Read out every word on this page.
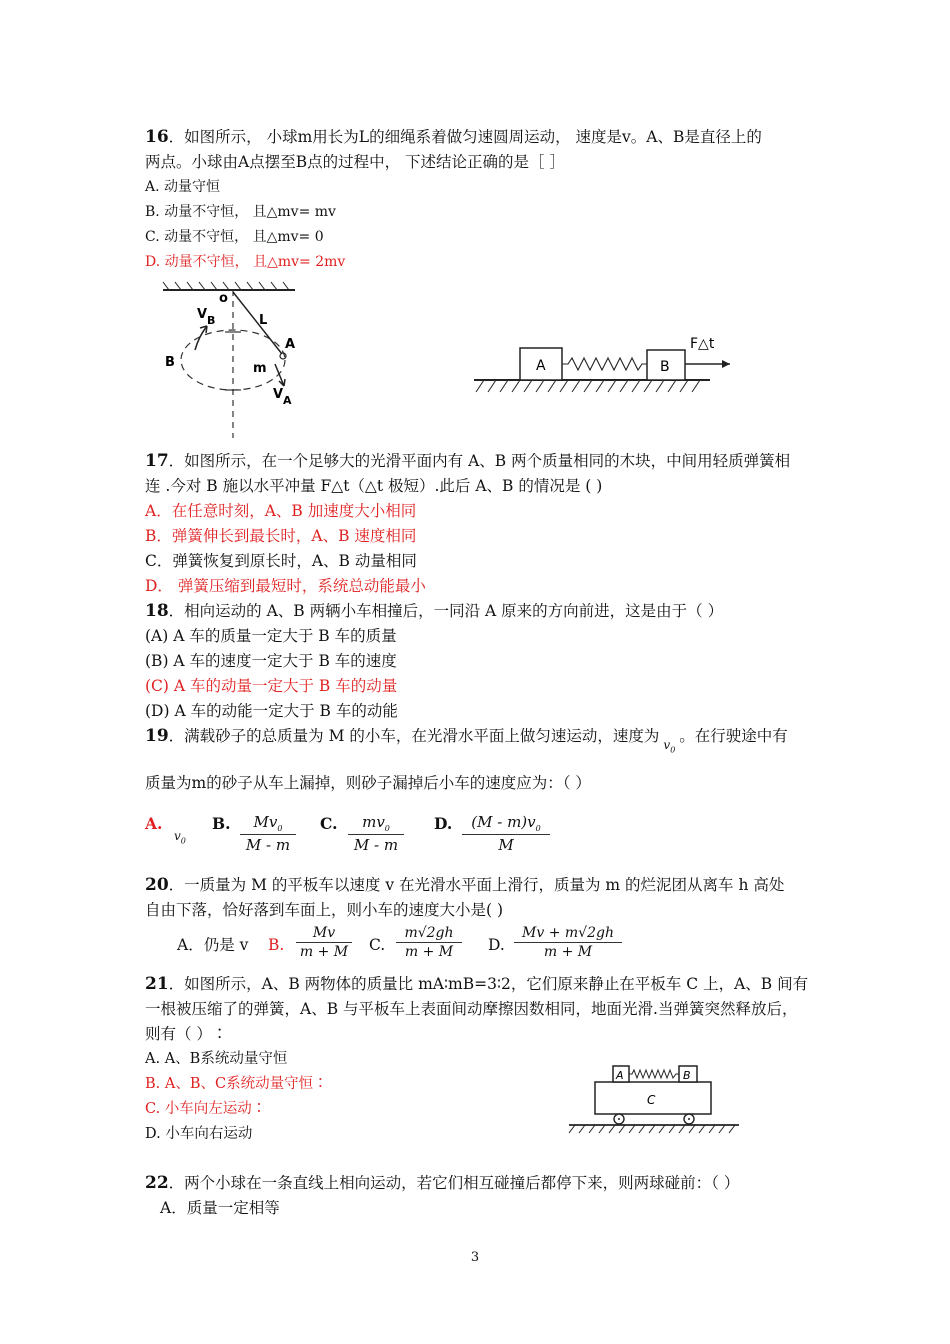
16．如图所示， 小球m用长为L的细绳系着做匀速圆周运动， 速度是v。A、B是直径上的
两点。小球由A点摆至B点的过程中， 下述结论正确的是［ ］
A. 动量守恒
B. 动量不守恒， 且△mv= mv
C. 动量不守恒， 且△mv= 0
D. 动量不守恒， 且△mv= 2mv
o
V B	L
A
B	m
V A
A	B
F△t
17．如图所示，在一个足够大的光滑平面内有 A、B 两个质量相同的木块，中间用轻质弹簧相
连 .今对 B 施以水平冲量 F△t（△t 极短）.此后 A、B 的情况是 ( )
A．在任意时刻，A、B 加速度大小相同
B．弹簧伸长到最长时，A、B 速度相同
C．弹簧恢复到原长时，A、B 动量相同
D． 弹簧压缩到最短时，系统总动能最小
18．相向运动的 A、B 两辆小车相撞后，一同沿 A 原来的方向前进，这是由于（ ）
(A) A 车的质量一定大于 B 车的质量
(B) A 车的速度一定大于 B 车的速度
(C) A 车的动量一定大于 B 车的动量
(D) A 车的动能一定大于 B 车的动能
19．满载砂子的总质量为 M 的小车，在光滑水平面上做匀速运动，速度为 $_{v_0}$。在行驶途中有
质量为m的砂子从车上漏掉，则砂子漏掉后小车的速度应为：（ ）
A.
$v_0$
B. $\frac{Mv_0}{M - m} C$. $\frac{mv_0}{M - m} D$. $\frac{(M - m)v_0}{M}$
20．一质量为 M 的平板车以速度 v 在光滑水平面上滑行，质量为 m 的烂泥团从离车 h 高处
自由下落，恰好落到车面上，则小车的速度大小是( )
A．仍是 v B. $\frac{Mv}{m + M} C$. $\frac{m√2gh}{m + M} D$. $\frac{Mv + m√2gh}{m + M}$
21．如图所示，A、B 两物体的质量比 mA∶mB=3∶2，它们原来静止在平板车 C 上，A、B 间有
一根被压缩了的弹簧，A、B 与平板车上表面间动摩擦因数相同，地面光滑.当弹簧突然释放后，
则有（ ）∶
A. A、B系统动量守恒
B. A、B、C系统动量守恒∶
C. 小车向左运动∶
D. 小车向右运动
A	B
C
22．两个小球在一条直线上相向运动，若它们相互碰撞后都停下来，则两球碰前：（ ）
A．质量一定相等
3
